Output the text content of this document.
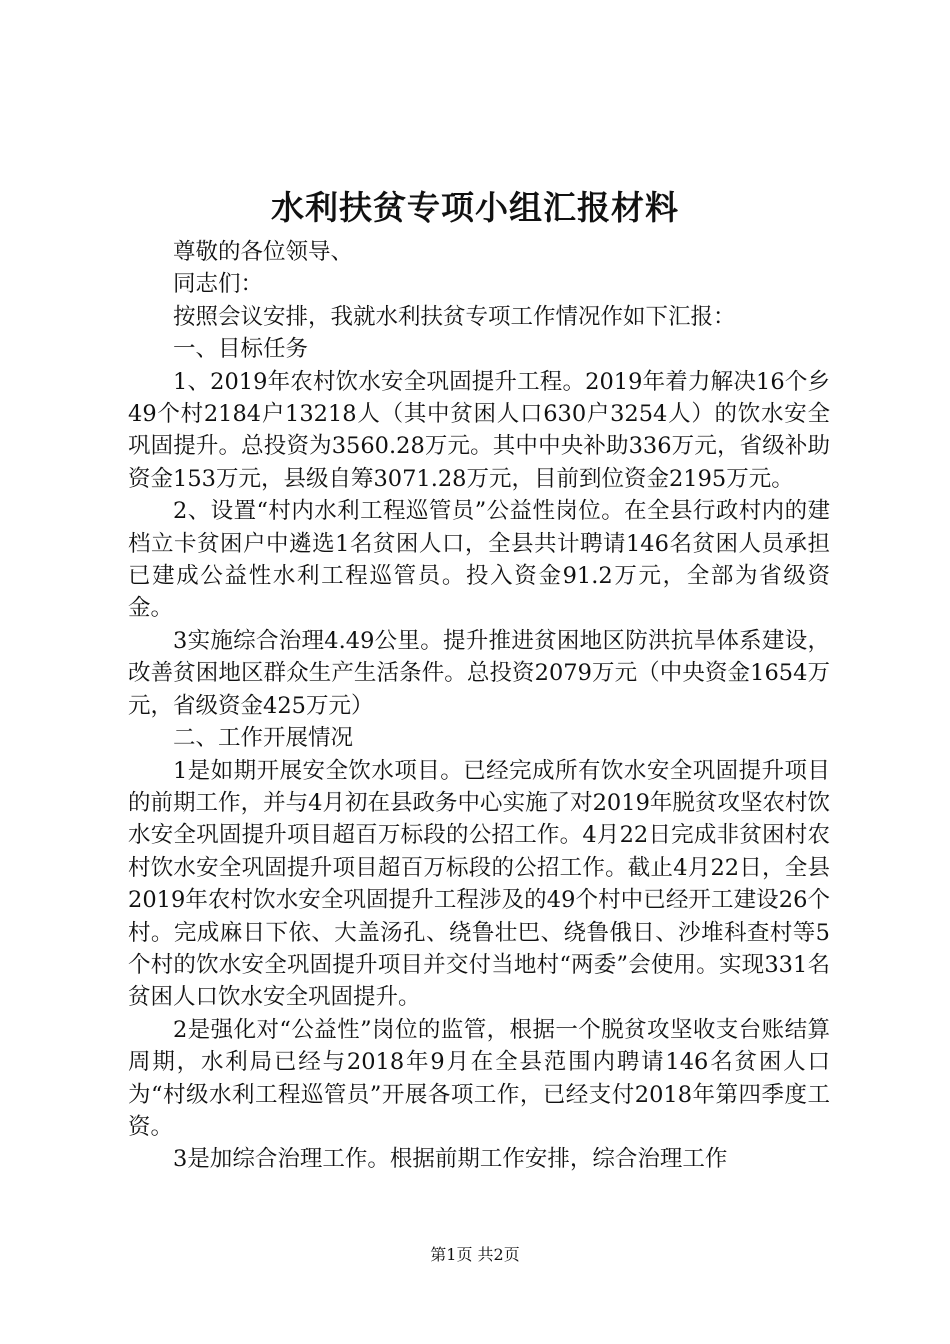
水利扶贫专项小组汇报材料

尊敬的各位领导、

同志们：

按照会议安排，我就水利扶贫专项工作情况作如下汇报：

一、目标任务

1、2019年农村饮水安全巩固提升工程。2019年着力解决16个乡49个村2184户13218人（其中贫困人口630户3254人）的饮水安全巩固提升。总投资为3560.28万元。其中中央补助336万元，省级补助资金153万元，县级自筹3071.28万元，目前到位资金2195万元。

2、设置“村内水利工程巡管员”公益性岗位。在全县行政村内的建档立卡贫困户中遴选1名贫困人口，全县共计聘请146名贫困人员承担已建成公益性水利工程巡管员。投入资金91.2万元，全部为省级资金。

3实施综合治理4.49公里。提升推进贫困地区防洪抗旱体系建设，改善贫困地区群众生产生活条件。总投资2079万元（中央资金1654万元，省级资金425万元）

二、工作开展情况

1是如期开展安全饮水项目。已经完成所有饮水安全巩固提升项目的前期工作，并与4月初在县政务中心实施了对2019年脱贫攻坚农村饮水安全巩固提升项目超百万标段的公招工作。4月22日完成非贫困村农村饮水安全巩固提升项目超百万标段的公招工作。截止4月22日，全县2019年农村饮水安全巩固提升工程涉及的49个村中已经开工建设26个村。完成麻日下依、大盖汤孔、绕鲁壮巴、绕鲁俄日、沙堆科查村等5个村的饮水安全巩固提升项目并交付当地村“两委”会使用。实现331名贫困人口饮水安全巩固提升。

2是强化对“公益性”岗位的监管，根据一个脱贫攻坚收支台账结算周期，水利局已经与2018年9月在全县范围内聘请146名贫困人口为“村级水利工程巡管员”开展各项工作，已经支付2018年第四季度工资。

3是加综合治理工作。根据前期工作安排，综合治理工作

第1页 共2页
